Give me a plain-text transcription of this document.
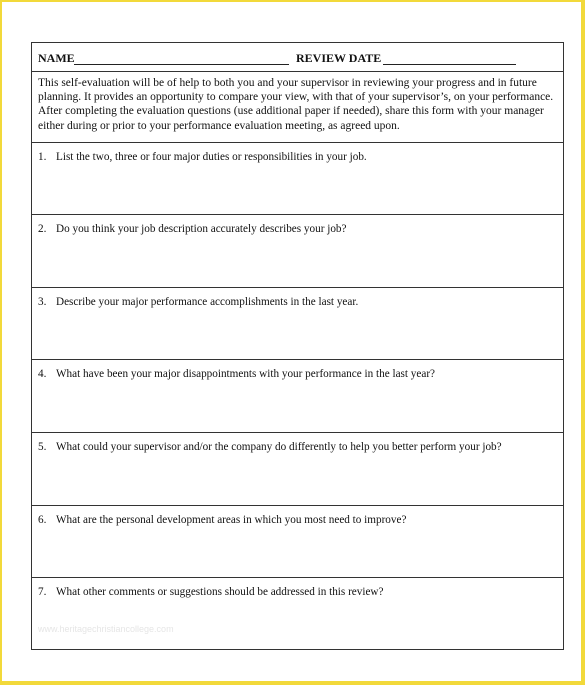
NAME	REVIEW DATE
This self-evaluation will be of help to both you and your supervisor in reviewing your progress and in future planning. It provides an opportunity to compare your view, with that of your supervisor’s, on your performance. After completing the evaluation questions (use additional paper if needed), share this form with your manager either during or prior to your performance evaluation meeting, as agreed upon.
1. List the two, three or four major duties or responsibilities in your job.
2. Do you think your job description accurately describes your job?
3. Describe your major performance accomplishments in the last year.
4. What have been your major disappointments with your performance in the last year?
5. What could your supervisor and/or the company do differently to help you better perform your job?
6. What are the personal development areas in which you most need to improve?
7. What other comments or suggestions should be addressed in this review?
www.heritagechristiancollege.com
